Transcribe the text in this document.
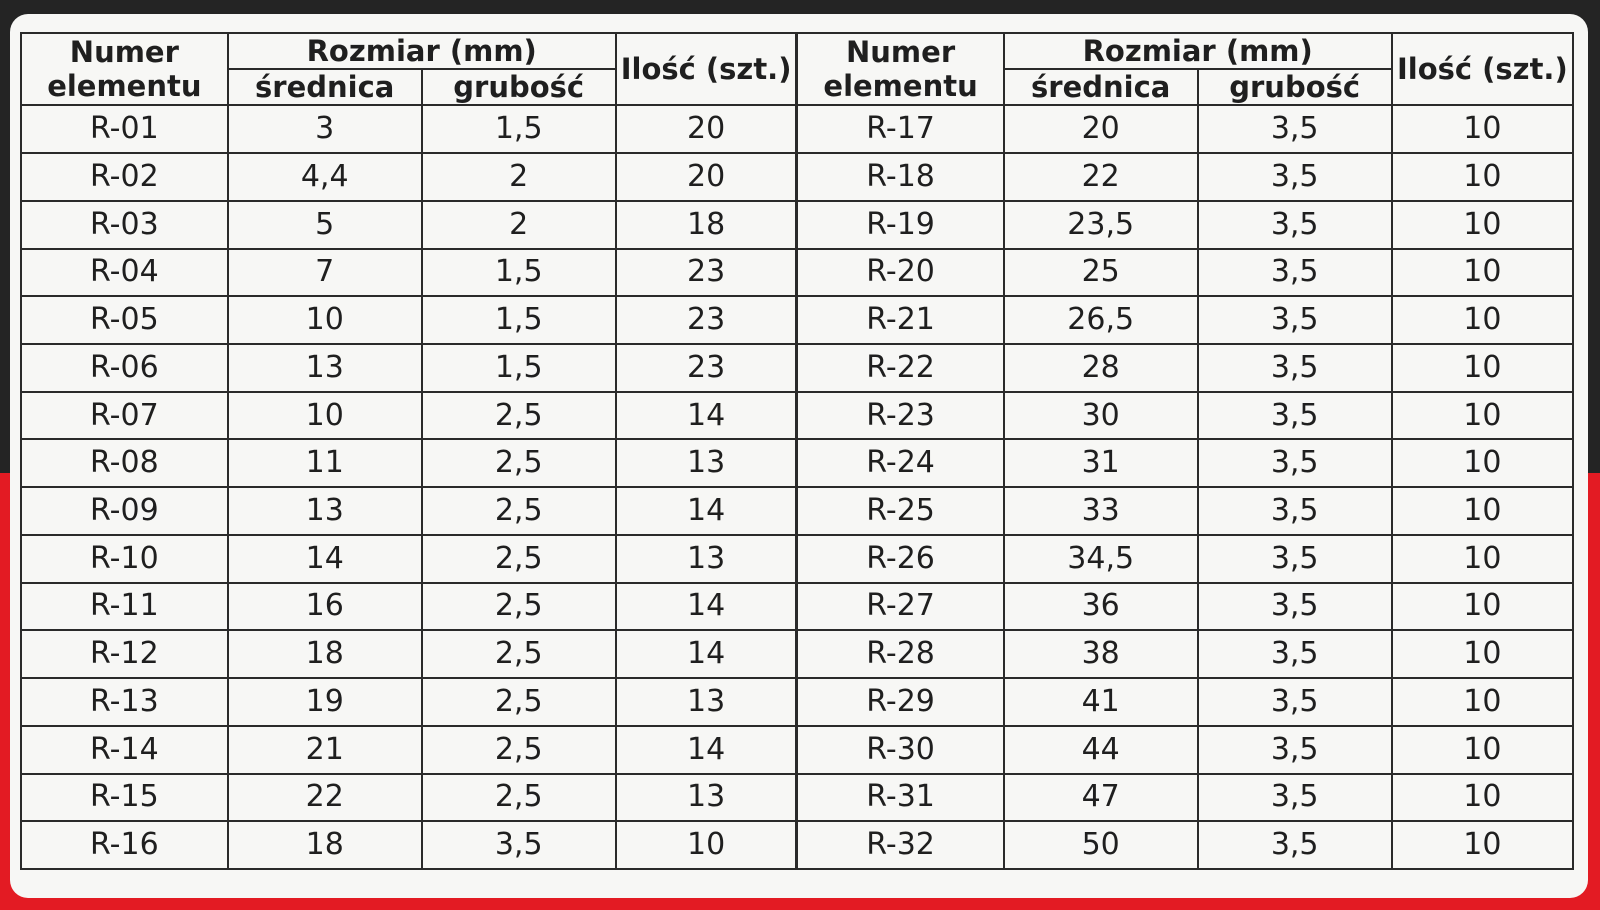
Numer elementu	Rozmiar (mm)		Ilość (szt.)	Numer elementu	Rozmiar (mm)		Ilość (szt.)
	średnica	grubość			średnica	grubość	
R-01	3	1,5	20	R-17	20	3,5	10
R-02	4,4	2	20	R-18	22	3,5	10
R-03	5	2	18	R-19	23,5	3,5	10
R-04	7	1,5	23	R-20	25	3,5	10
R-05	10	1,5	23	R-21	26,5	3,5	10
R-06	13	1,5	23	R-22	28	3,5	10
R-07	10	2,5	14	R-23	30	3,5	10
R-08	11	2,5	13	R-24	31	3,5	10
R-09	13	2,5	14	R-25	33	3,5	10
R-10	14	2,5	13	R-26	34,5	3,5	10
R-11	16	2,5	14	R-27	36	3,5	10
R-12	18	2,5	14	R-28	38	3,5	10
R-13	19	2,5	13	R-29	41	3,5	10
R-14	21	2,5	14	R-30	44	3,5	10
R-15	22	2,5	13	R-31	47	3,5	10
R-16	18	3,5	10	R-32	50	3,5	10
